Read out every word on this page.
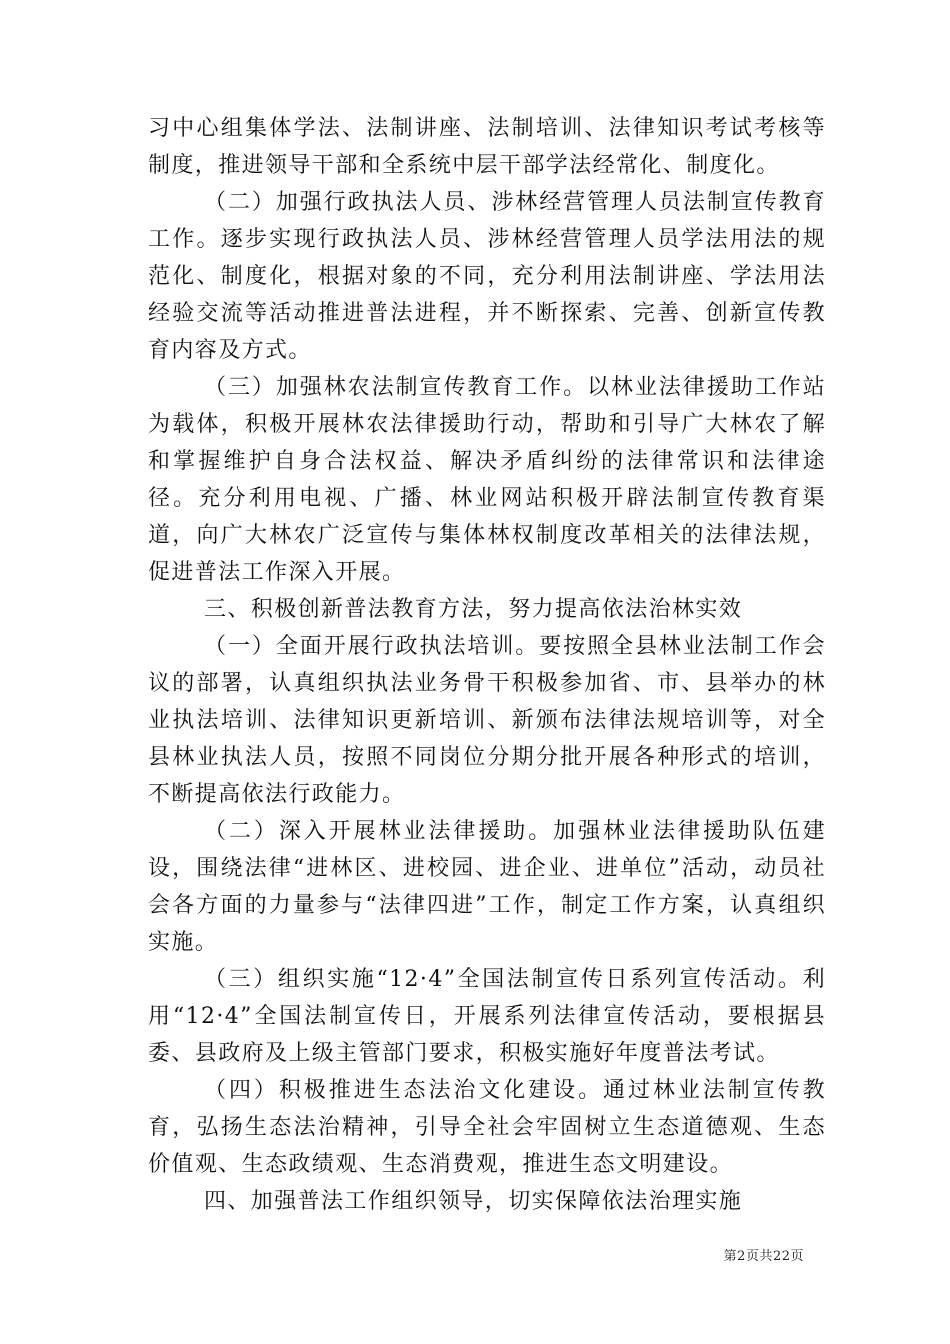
习中心组集体学法、法制讲座、法制培训、法律知识考试考核等制度，推进领导干部和全系统中层干部学法经常化、制度化。

（二）加强行政执法人员、涉林经营管理人员法制宣传教育工作。逐步实现行政执法人员、涉林经营管理人员学法用法的规范化、制度化，根据对象的不同，充分利用法制讲座、学法用法经验交流等活动推进普法进程，并不断探索、完善、创新宣传教育内容及方式。

（三）加强林农法制宣传教育工作。以林业法律援助工作站为载体，积极开展林农法律援助行动，帮助和引导广大林农了解和掌握维护自身合法权益、解决矛盾纠纷的法律常识和法律途径。充分利用电视、广播、林业网站积极开辟法制宣传教育渠道，向广大林农广泛宣传与集体林权制度改革相关的法律法规，促进普法工作深入开展。

三、积极创新普法教育方法，努力提高依法治林实效

（一）全面开展行政执法培训。要按照全县林业法制工作会议的部署，认真组织执法业务骨干积极参加省、市、县举办的林业执法培训、法律知识更新培训、新颁布法律法规培训等，对全县林业执法人员，按照不同岗位分期分批开展各种形式的培训，不断提高依法行政能力。

（二）深入开展林业法律援助。加强林业法律援助队伍建设，围绕法律“进林区、进校园、进企业、进单位”活动，动员社会各方面的力量参与“法律四进”工作，制定工作方案，认真组织实施。

（三）组织实施“12·4”全国法制宣传日系列宣传活动。利用“12·4”全国法制宣传日，开展系列法律宣传活动，要根据县委、县政府及上级主管部门要求，积极实施好年度普法考试。

（四）积极推进生态法治文化建设。通过林业法制宣传教育，弘扬生态法治精神，引导全社会牢固树立生态道德观、生态价值观、生态政绩观、生态消费观，推进生态文明建设。

四、加强普法工作组织领导，切实保障依法治理实施

第2页共22页
